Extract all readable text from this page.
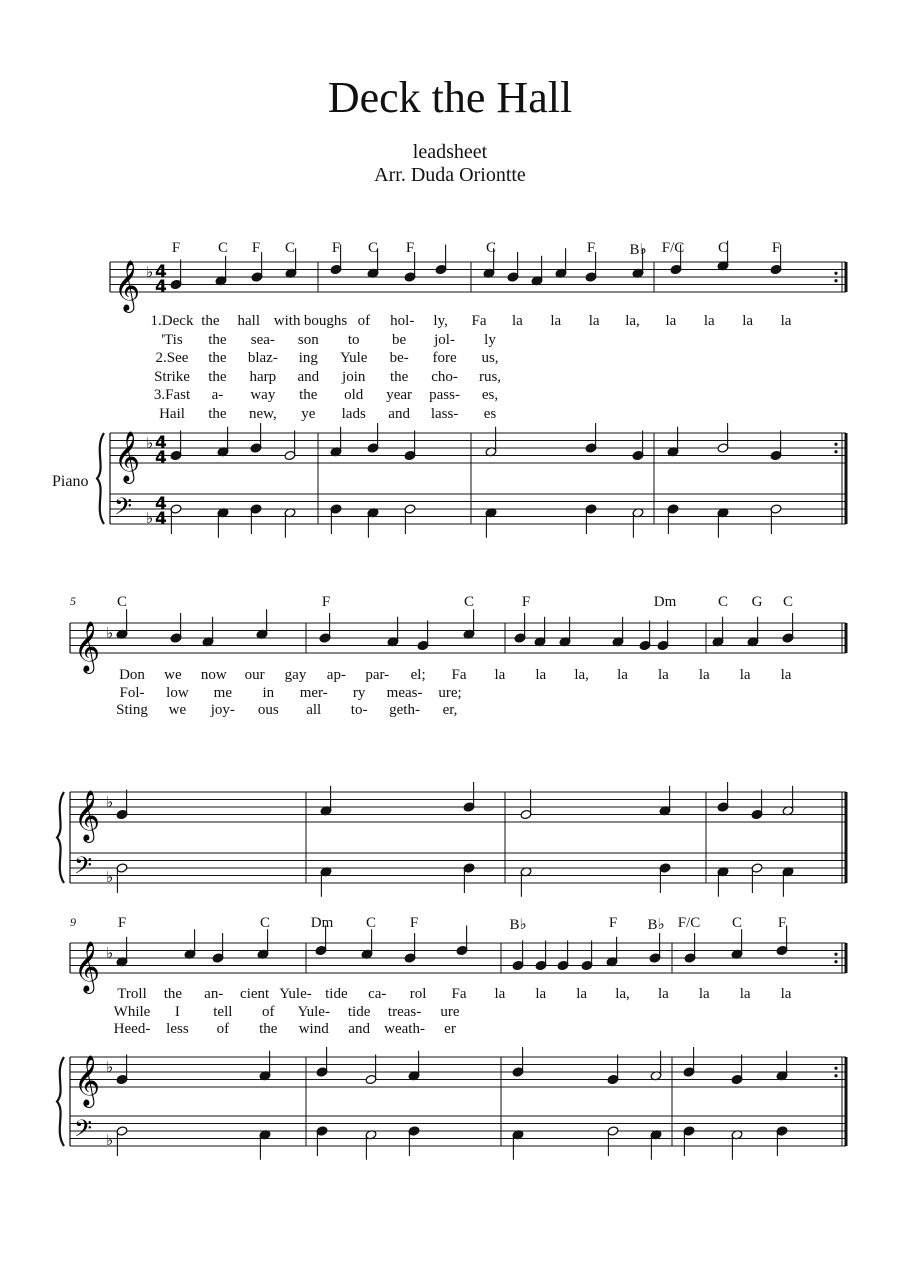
Deck the Hall
leadsheet
Arr. Duda Oriontte
Piano
𝄞
𝄞
𝄢
♭
♭
♭
4
4
4
4
4
4
𝄞
𝄞
𝄢
♭
♭
♭
𝄞
𝄞
𝄢
♭
♭
♭
F	C F C F C F	C	F B♭ F/C C	F
1.Deck the hall with boughs of hol- ly, Fa la la la la, la la la la
'Tis the sea- son to be jol- ly
2.See the blaz- ing Yule be- fore us,
Strike the harp and join the cho- rus,
3.Fast a- way the old year pass- es,
Hail the new, ye lads and lass- es
C	F	C	F	Dm	C G C
5
Don we now our gay ap- par- el; Fa la la la, la la la la la
Fol- low me in mer- ry meas- ure;
Sting we joy- ous all to- geth- er,
F	C	Dm C F	B♭	F B♭ F/C C F
9
Troll the an- cient Yule- tide ca- rol Fa la la la la, la la la la
While I tell of Yule- tide treas- ure
Heed- less of the wind and weath- er
